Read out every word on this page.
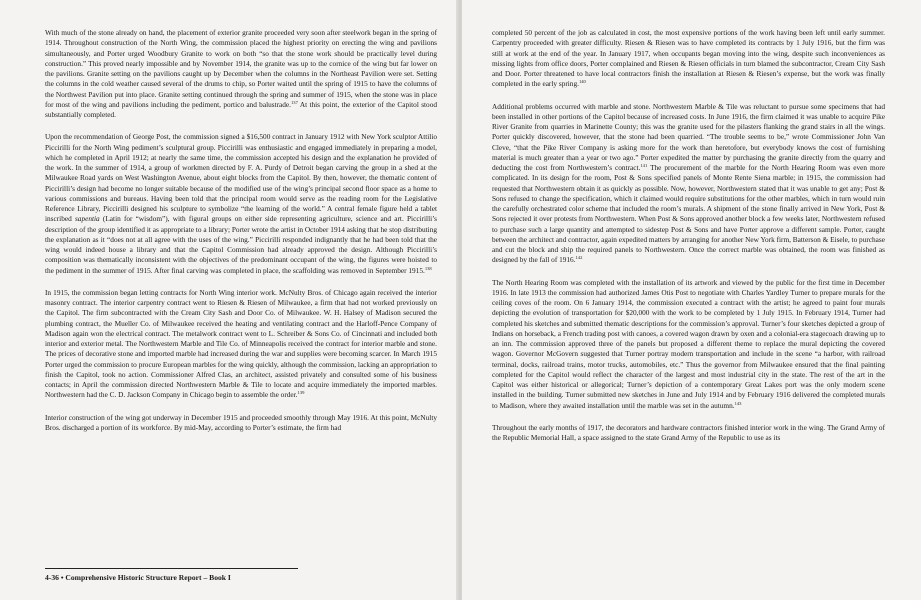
With much of the stone already on hand, the placement of exterior granite proceeded very soon after steelwork began in the spring of 1914. Throughout construction of the North Wing, the commission placed the highest priority on erecting the wing and pavilions simultaneously, and Porter urged Woodbury Granite to work on both “so that the stone work should be practically level during construction.” This proved nearly impossible and by November 1914, the granite was up to the cornice of the wing but far lower on the pavilions. Granite setting on the pavilions caught up by December when the columns in the Northeast Pavilion were set. Setting the columns in the cold weather caused several of the drums to chip, so Porter waited until the spring of 1915 to have the columns of the Northwest Pavilion put into place. Granite setting continued through the spring and summer of 1915, when the stone was in place for most of the wing and pavilions including the pediment, portico and balustrade.$^{137}$ At this point, the exterior of the Capitol stood substantially completed.

Upon the recommendation of George Post, the commission signed a $16,500 contract in January 1912 with New York sculptor Attilio Piccirilli for the North Wing pediment’s sculptural group. Piccirilli was enthusiastic and engaged immediately in preparing a model, which he completed in April 1912; at nearly the same time, the commission accepted his design and the explanation he provided of the work. In the summer of 1914, a group of workmen directed by F. A. Purdy of Detroit began carving the group in a shed at the Milwaukee Road yards on West Washington Avenue, about eight blocks from the Capitol. By then, however, the thematic content of Piccirilli’s design had become no longer suitable because of the modified use of the wing’s principal second floor space as a home to various commissions and bureaus. Having been told that the principal room would serve as the reading room for the Legislative Reference Library, Piccirilli designed his sculpture to symbolize “the learning of the world.” A central female figure held a tablet inscribed sapentia (Latin for “wisdom”), with figural groups on either side representing agriculture, science and art. Piccirilli’s description of the group identified it as appropriate to a library; Porter wrote the artist in October 1914 asking that he stop distributing the explanation as it “does not at all agree with the uses of the wing.” Piccirilli responded indignantly that he had been told that the wing would indeed house a library and that the Capitol Commission had already approved the design. Although Piccirilli’s composition was thematically inconsistent with the objectives of the predominant occupant of the wing, the figures were hoisted to the pediment in the summer of 1915. After final carving was completed in place, the scaffolding was removed in September 1915.$^{138}$

In 1915, the commission began letting contracts for North Wing interior work. McNulty Bros. of Chicago again received the interior masonry contract. The interior carpentry contract went to Riesen & Riesen of Milwaukee, a firm that had not worked previously on the Capitol. The firm subcontracted with the Cream City Sash and Door Co. of Milwaukee. W. H. Halsey of Madison secured the plumbing contract, the Mueller Co. of Milwaukee received the heating and ventilating contract and the Harloff-Pence Company of Madison again won the electrical contract. The metalwork contract went to L. Schreiber & Sons Co. of Cincinnati and included both interior and exterior metal. The Northwestern Marble and Tile Co. of Minneapolis received the contract for interior marble and stone. The prices of decorative stone and imported marble had increased during the war and supplies were becoming scarcer. In March 1915 Porter urged the commission to procure European marbles for the wing quickly, although the commission, lacking an appropriation to finish the Capitol, took no action. Commissioner Alfred Clas, an architect, assisted privately and consulted some of his business contacts; in April the commission directed Northwestern Marble & Tile to locate and acquire immediately the imported marbles. Northwestern had the C. D. Jackson Company in Chicago begin to assemble the order.$^{139}$

Interior construction of the wing got underway in December 1915 and proceeded smoothly through May 1916. At this point, McNulty Bros. discharged a portion of its workforce. By mid-May, according to Porter’s estimate, the firm had

4-36 • Comprehensive Historic Structure Report – Book I

completed 50 percent of the job as calculated in cost, the most expensive portions of the work having been left until early summer. Carpentry proceeded with greater difficulty. Riesen & Riesen was to have completed its contracts by 1 July 1916, but the firm was still at work at the end of the year. In January 1917, when occupants began moving into the wing, despite such inconveniences as missing lights from office doors, Porter complained and Riesen & Riesen officials in turn blamed the subcontractor, Cream City Sash and Door. Porter threatened to have local contractors finish the installation at Riesen & Riesen’s expense, but the work was finally completed in the early spring.$^{140}$

Additional problems occurred with marble and stone. Northwestern Marble & Tile was reluctant to pursue some specimens that had been installed in other portions of the Capitol because of increased costs. In June 1916, the firm claimed it was unable to acquire Pike River Granite from quarries in Marinette County; this was the granite used for the pilasters flanking the grand stairs in all the wings. Porter quickly discovered, however, that the stone had been quarried. “The trouble seems to be,” wrote Commissioner John Van Cleve, “that the Pike River Company is asking more for the work than heretofore, but everybody knows the cost of furnishing material is much greater than a year or two ago.” Porter expedited the matter by purchasing the granite directly from the quarry and deducting the cost from Northwestern’s contract.$^{141}$ The procurement of the marble for the North Hearing Room was even more complicated. In its design for the room, Post & Sons specified panels of Monte Rente Siena marble; in 1915, the commission had requested that Northwestern obtain it as quickly as possible. Now, however, Northwestern stated that it was unable to get any; Post & Sons refused to change the specification, which it claimed would require substitutions for the other marbles, which in turn would ruin the carefully orchestrated color scheme that included the room’s murals. A shipment of the stone finally arrived in New York, Post & Sons rejected it over protests from Northwestern. When Post & Sons approved another block a few weeks later, Northwestern refused to purchase such a large quantity and attempted to sidestep Post & Sons and have Porter approve a different sample. Porter, caught between the architect and contractor, again expedited matters by arranging for another New York firm, Batterson & Eisele, to purchase and cut the block and ship the required panels to Northwestern. Once the correct marble was obtained, the room was finished as designed by the fall of 1916.$^{142}$

The North Hearing Room was completed with the installation of its artwork and viewed by the public for the first time in December 1916. In late 1913 the commission had authorized James Otis Post to negotiate with Charles Yardley Turner to prepare murals for the ceiling coves of the room. On 6 January 1914, the commission executed a contract with the artist; he agreed to paint four murals depicting the evolution of transportation for $20,000 with the work to be completed by 1 July 1915. In February 1914, Turner had completed his sketches and submitted thematic descriptions for the commission’s approval. Turner’s four sketches depicted a group of Indians on horseback, a French trading post with canoes, a covered wagon drawn by oxen and a colonial-era stagecoach drawing up to an inn. The commission approved three of the panels but proposed a different theme to replace the mural depicting the covered wagon. Governor McGovern suggested that Turner portray modern transportation and include in the scene “a harbor, with railroad terminal, docks, railroad trains, motor trucks, automobiles, etc.” Thus the governor from Milwaukee ensured that the final painting completed for the Capitol would reflect the character of the largest and most industrial city in the state. The rest of the art in the Capitol was either historical or allegorical; Turner’s depiction of a contemporary Great Lakes port was the only modern scene installed in the building. Turner submitted new sketches in June and July 1914 and by February 1916 delivered the completed murals to Madison, where they awaited installation until the marble was set in the autumn.$^{143}$

Throughout the early months of 1917, the decorators and hardware contractors finished interior work in the wing. The Grand Army of the Republic Memorial Hall, a space assigned to the state Grand Army of the Republic to use as its
